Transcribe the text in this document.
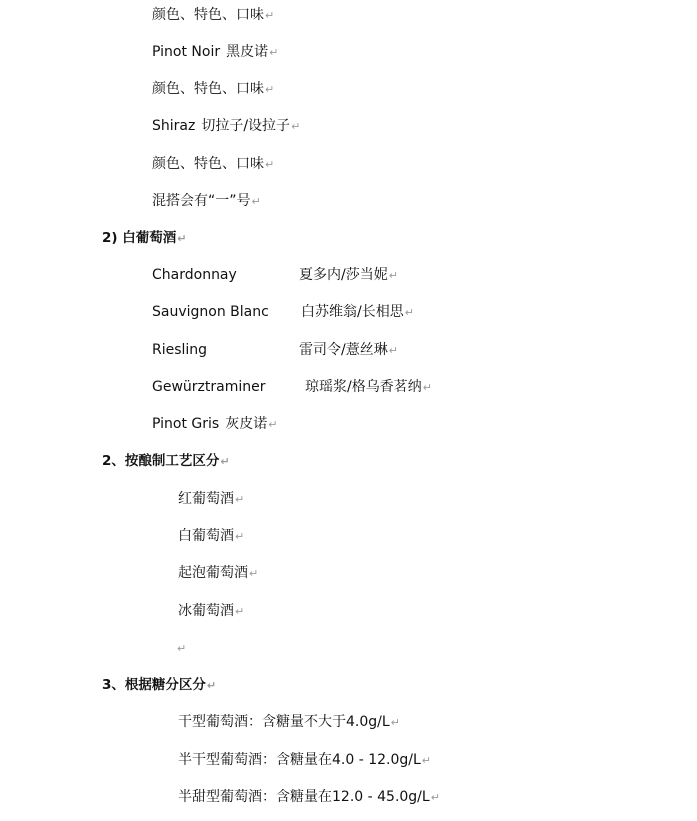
颜色、特色、口味↵
Pinot Noir 黑皮诺↵
颜色、特色、口味↵
Shiraz 切拉子/设拉子↵
颜色、特色、口味↵
混搭会有“一”号↵
2) 白葡萄酒↵
Chardonnay	夏多内/莎当妮↵
Sauvignon Blanc 白苏维翁/长相思↵
Riesling	雷司令/薏丝琳↵
Gewürztraminer	琼瑶浆/格乌香茗纳↵
Pinot Gris 灰皮诺↵
2、按酿制工艺区分↵
红葡萄酒↵
白葡萄酒↵
起泡葡萄酒↵
冰葡萄酒↵
↵
3、根据糖分区分↵
干型葡萄酒：含糖量不大于4.0g/L↵
半干型葡萄酒：含糖量在4.0 - 12.0g/L↵
半甜型葡萄酒：含糖量在12.0 - 45.0g/L↵
